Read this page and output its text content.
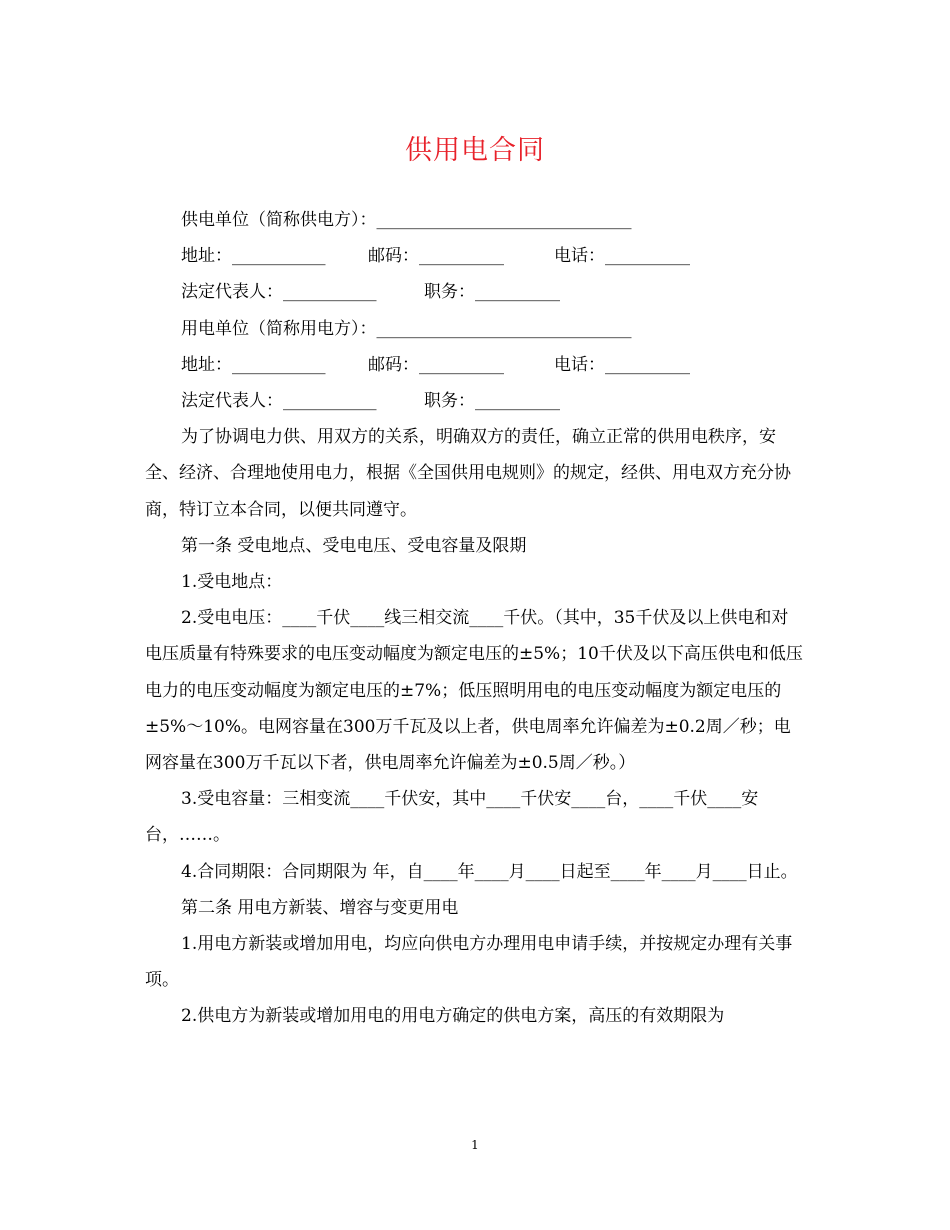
供用电合同
供电单位（简称供电方）：______________________________
地址：___________	邮码：__________	电话：__________
法定代表人：___________	职务：__________
用电单位（简称用电方）：______________________________
地址：___________	邮码：__________	电话：__________
法定代表人：___________	职务：__________

为了协调电力供、用双方的关系，明确双方的责任，确立正常的供用电秩序，安全、经济、合理地使用电力，根据《全国供用电规则》的规定，经供、用电双方充分协商，特订立本合同，以便共同遵守。

第一条 受电地点、受电电压、受电容量及限期

1.受电地点：

2.受电电压：____千伏____线三相交流____千伏。（其中，35千伏及以上供电和对电压质量有特殊要求的电压变动幅度为额定电压的±5%；10千伏及以下高压供电和低压电力的电压变动幅度为额定电压的±7%；低压照明用电的电压变动幅度为额定电压的±5%～10%。电网容量在300万千瓦及以上者，供电周率允许偏差为±0.2周／秒；电网容量在300万千瓦以下者，供电周率允许偏差为±0.5周／秒。）

3.受电容量：三相变流____千伏安，其中____千伏安____台，____千伏____安台，……。

4.合同期限：合同期限为 年，自____年____月____日起至____年____月____日止。

第二条 用电方新装、增容与变更用电

1.用电方新装或增加用电，均应向供电方办理用电申请手续，并按规定办理有关事项。

2.供电方为新装或增加用电的用电方确定的供电方案，高压的有效期限为

1
